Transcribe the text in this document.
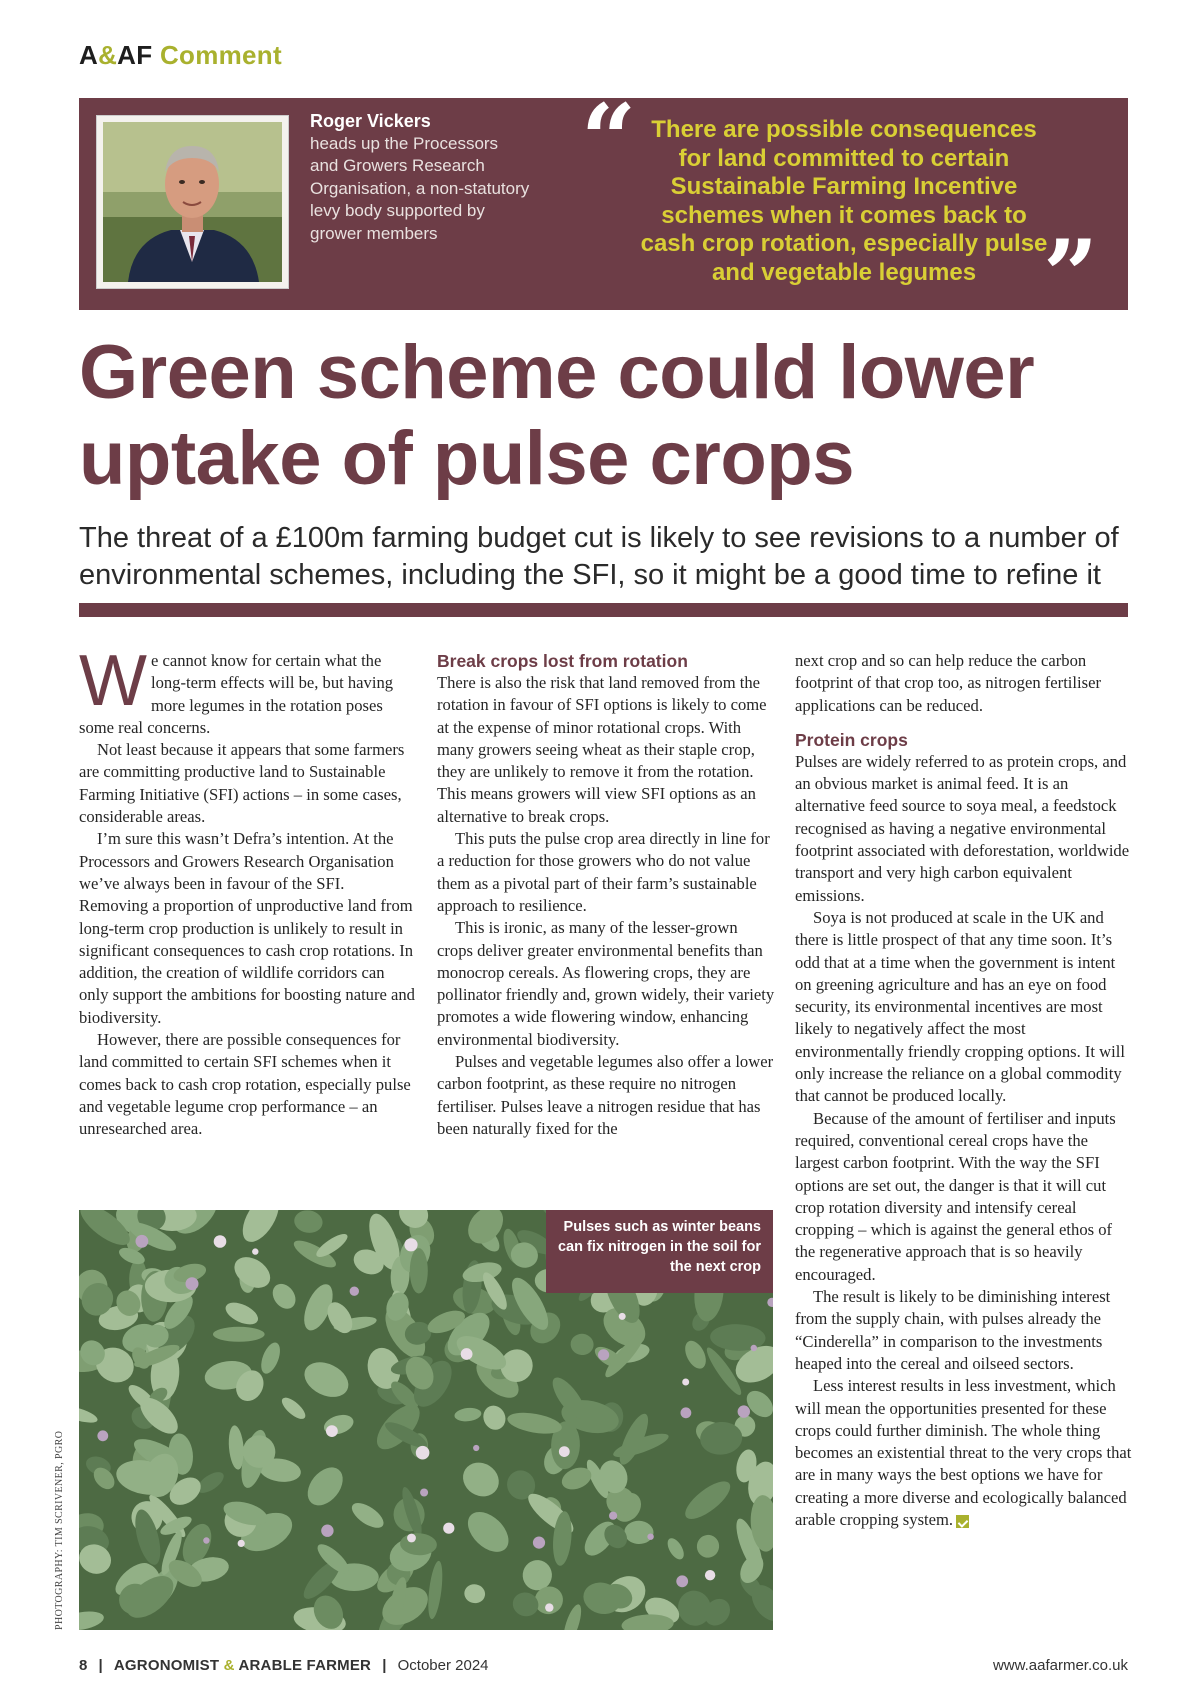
A&AF Comment
Roger Vickers
heads up the Processors and Growers Research Organisation, a non-statutory levy body supported by grower members
“ There are possible consequences for land committed to certain Sustainable Farming Incentive schemes when it comes back to cash crop rotation, especially pulse and vegetable legumes ”
Green scheme could lower uptake of pulse crops

The threat of a £100m farming budget cut is likely to see revisions to a number of environmental schemes, including the SFI, so it might be a good time to refine it

We cannot know for certain what the long-term effects will be, but having more legumes in the rotation poses some real concerns.

Not least because it appears that some farmers are committing productive land to Sustainable Farming Initiative (SFI) actions – in some cases, considerable areas.

I’m sure this wasn’t Defra’s intention. At the Processors and Growers Research Organisation we’ve always been in favour of the SFI. Removing a proportion of unproductive land from long-term crop production is unlikely to result in significant consequences to cash crop rotations. In addition, the creation of wildlife corridors can only support the ambitions for boosting nature and biodiversity.

However, there are possible consequences for land committed to certain SFI schemes when it comes back to cash crop rotation, especially pulse and vegetable legume crop performance – an unresearched area.

Break crops lost from rotation

There is also the risk that land removed from the rotation in favour of SFI options is likely to come at the expense of minor rotational crops. With many growers seeing wheat as their staple crop, they are unlikely to remove it from the rotation. This means growers will view SFI options as an alternative to break crops.

This puts the pulse crop area directly in line for a reduction for those growers who do not value them as a pivotal part of their farm’s sustainable approach to resilience.

This is ironic, as many of the lesser-grown crops deliver greater environmental benefits than monocrop cereals. As flowering crops, they are pollinator friendly and, grown widely, their variety promotes a wide flowering window, enhancing environmental biodiversity.

Pulses and vegetable legumes also offer a lower carbon footprint, as these require no nitrogen fertiliser. Pulses leave a nitrogen residue that has been naturally fixed for the

next crop and so can help reduce the carbon footprint of that crop too, as nitrogen fertiliser applications can be reduced.

Protein crops

Pulses are widely referred to as protein crops, and an obvious market is animal feed. It is an alternative feed source to soya meal, a feedstock recognised as having a negative environmental footprint associated with deforestation, worldwide transport and very high carbon equivalent emissions.

Soya is not produced at scale in the UK and there is little prospect of that any time soon. It’s odd that at a time when the government is intent on greening agriculture and has an eye on food security, its environmental incentives are most likely to negatively affect the most environmentally friendly cropping options. It will only increase the reliance on a global commodity that cannot be produced locally.

Because of the amount of fertiliser and inputs required, conventional cereal crops have the largest carbon footprint. With the way the SFI options are set out, the danger is that it will cut crop rotation diversity and intensify cereal cropping – which is against the general ethos of the regenerative approach that is so heavily encouraged.

The result is likely to be diminishing interest from the supply chain, with pulses already the “Cinderella” in comparison to the investments heaped into the cereal and oilseed sectors.

Less interest results in less investment, which will mean the opportunities presented for these crops could further diminish. The whole thing becomes an existential threat to the very crops that are in many ways the best options we have for creating a more diverse and ecologically balanced arable cropping system.

Pulses such as winter beans can fix nitrogen in the soil for the next crop
PHOTOGRAPHY: TIM SCRIVENER, PGRO
8 | AGRONOMIST & ARABLE FARMER | October 2024	www.aafarmer.co.uk
